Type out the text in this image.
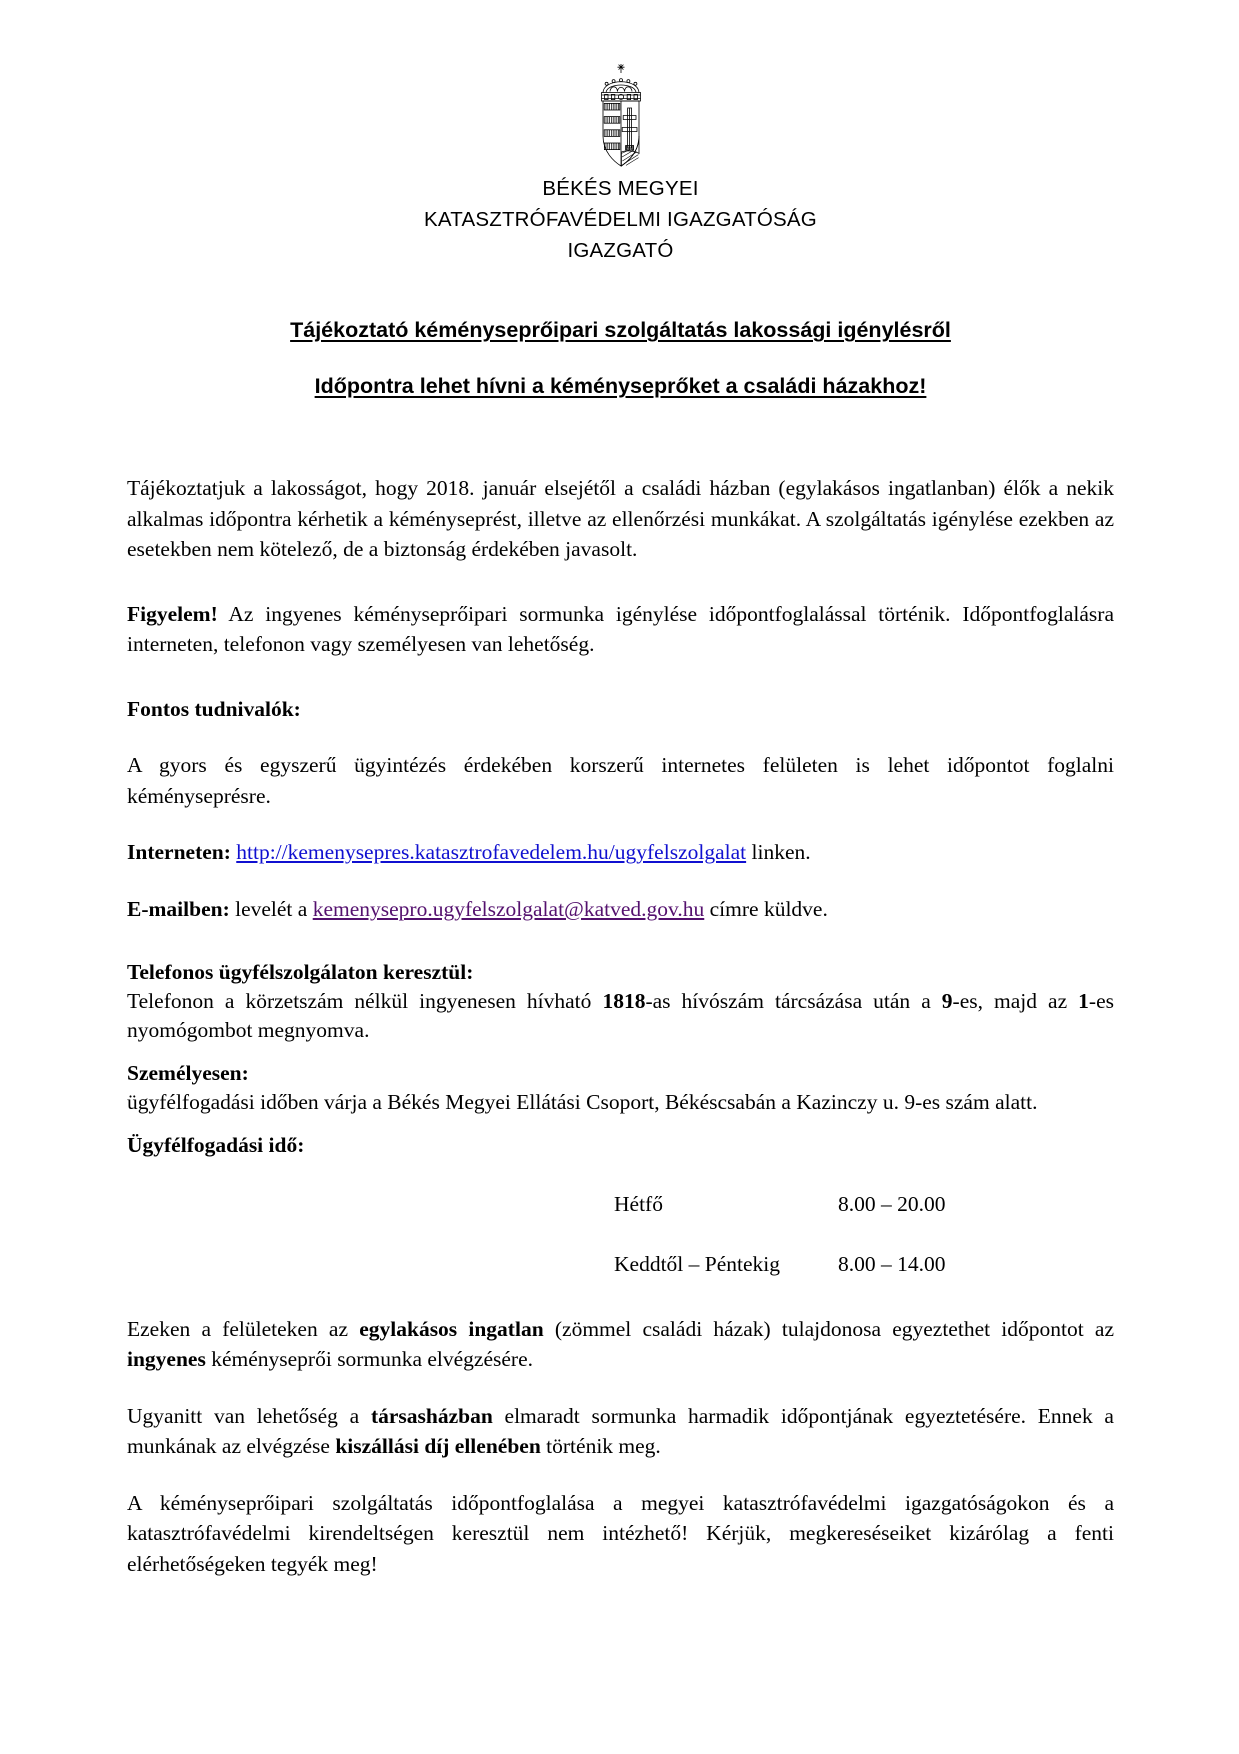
BÉKÉS MEGYEI
KATASZTRÓFAVÉDELMI IGAZGATÓSÁG
IGAZGATÓ
Tájékoztató kéményseprőipari szolgáltatás lakossági igénylésről
Időpontra lehet hívni a kéményseprőket a családi házakhoz!

Tájékoztatjuk a lakosságot, hogy 2018. január elsejétől a családi házban (egylakásos ingatlanban) élők a nekik alkalmas időpontra kérhetik a kéményseprést, illetve az ellenőrzési munkákat. A szolgáltatás igénylése ezekben az esetekben nem kötelező, de a biztonság érdekében javasolt.

Figyelem! Az ingyenes kéményseprőipari sormunka igénylése időpontfoglalással történik. Időpontfoglalásra interneten, telefonon vagy személyesen van lehetőség.

Fontos tudnivalók:

A gyors és egyszerű ügyintézés érdekében korszerű internetes felületen is lehet időpontot foglalni kéményseprésre.

Interneten: http://kemenysepres.katasztrofavedelem.hu/ugyfelszolgalat linken.

E-mailben: levelét a kemenysepro.ugyfelszolgalat@katved.gov.hu címre küldve.

Telefonos ügyfélszolgálaton keresztül:

Telefonon a körzetszám nélkül ingyenesen hívható 1818-as hívószám tárcsázása után a 9-es, majd az 1-es nyomógombot megnyomva.

Személyesen:

ügyfélfogadási időben várja a Békés Megyei Ellátási Csoport, Békéscsabán a Kazinczy u. 9-es szám alatt.

Ügyfélfogadási idő:

Hétfő	8.00 – 20.00
Keddtől – Péntekig	8.00 – 14.00

Ezeken a felületeken az egylakásos ingatlan (zömmel családi házak) tulajdonosa egyeztethet időpontot az ingyenes kéményseprői sormunka elvégzésére.

Ugyanitt van lehetőség a társasházban elmaradt sormunka harmadik időpontjának egyeztetésére. Ennek a munkának az elvégzése kiszállási díj ellenében történik meg.

A kéményseprőipari szolgáltatás időpontfoglalása a megyei katasztrófavédelmi igazgatóságokon és a katasztrófavédelmi kirendeltségen keresztül nem intézhető! Kérjük, megkereséseiket kizárólag a fenti elérhetőségeken tegyék meg!
